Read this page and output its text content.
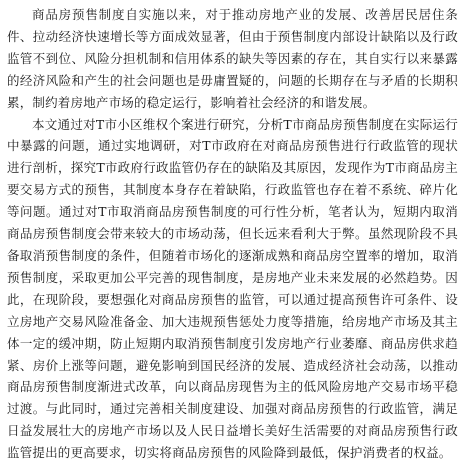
商品房预售制度自实施以来，对于推动房地产业的发展、改善居民居住条件、拉动经济快速增长等方面成效显著，但由于预售制度内部设计缺陷以及行政监管不到位、风险分担机制和信用体系的缺失等因素的存在，其自实行以来暴露的经济风险和产生的社会问题也是毋庸置疑的，问题的长期存在与矛盾的长期积累，制约着房地产市场的稳定运行，影响着社会经济的和谐发展。

本文通过对T市小区维权个案进行研究，分析T市商品房预售制度在实际运行中暴露的问题，通过实地调研，对T市政府在对商品房预售进行行政监管的现状进行剖析，探究T市政府行政监管仍存在的缺陷及其原因，发现作为T市商品房主要交易方式的预售，其制度本身存在着缺陷，行政监管也存在着不系统、碎片化等问题。通过对T市取消商品房预售制度的可行性分析，笔者认为，短期内取消商品房预售制度会带来较大的市场动荡，但长远来看利大于弊。虽然现阶段不具备取消预售制度的条件，但随着市场化的逐渐成熟和商品房空置率的增加，取消预售制度，采取更加公平完善的现售制度，是房地产业未来发展的必然趋势。因此，在现阶段，要想强化对商品房预售的监管，可以通过提高预售许可条件、设立房地产交易风险准备金、加大违规预售惩处力度等措施，给房地产市场及其主体一定的缓冲期，防止短期内取消预售制度引发房地产行业萎靡、商品房供求趋紧、房价上涨等问题，避免影响到国民经济的发展、造成经济社会动荡，以推动商品房预售制度渐进式改革，向以商品房现售为主的低风险房地产交易市场平稳过渡。与此同时，通过完善相关制度建设、加强对商品房预售的行政监管，满足日益发展壮大的房地产市场以及人民日益增长美好生活需要的对商品房预售行政监管提出的更高要求，切实将商品房预售的风险降到最低，保护消费者的权益。
